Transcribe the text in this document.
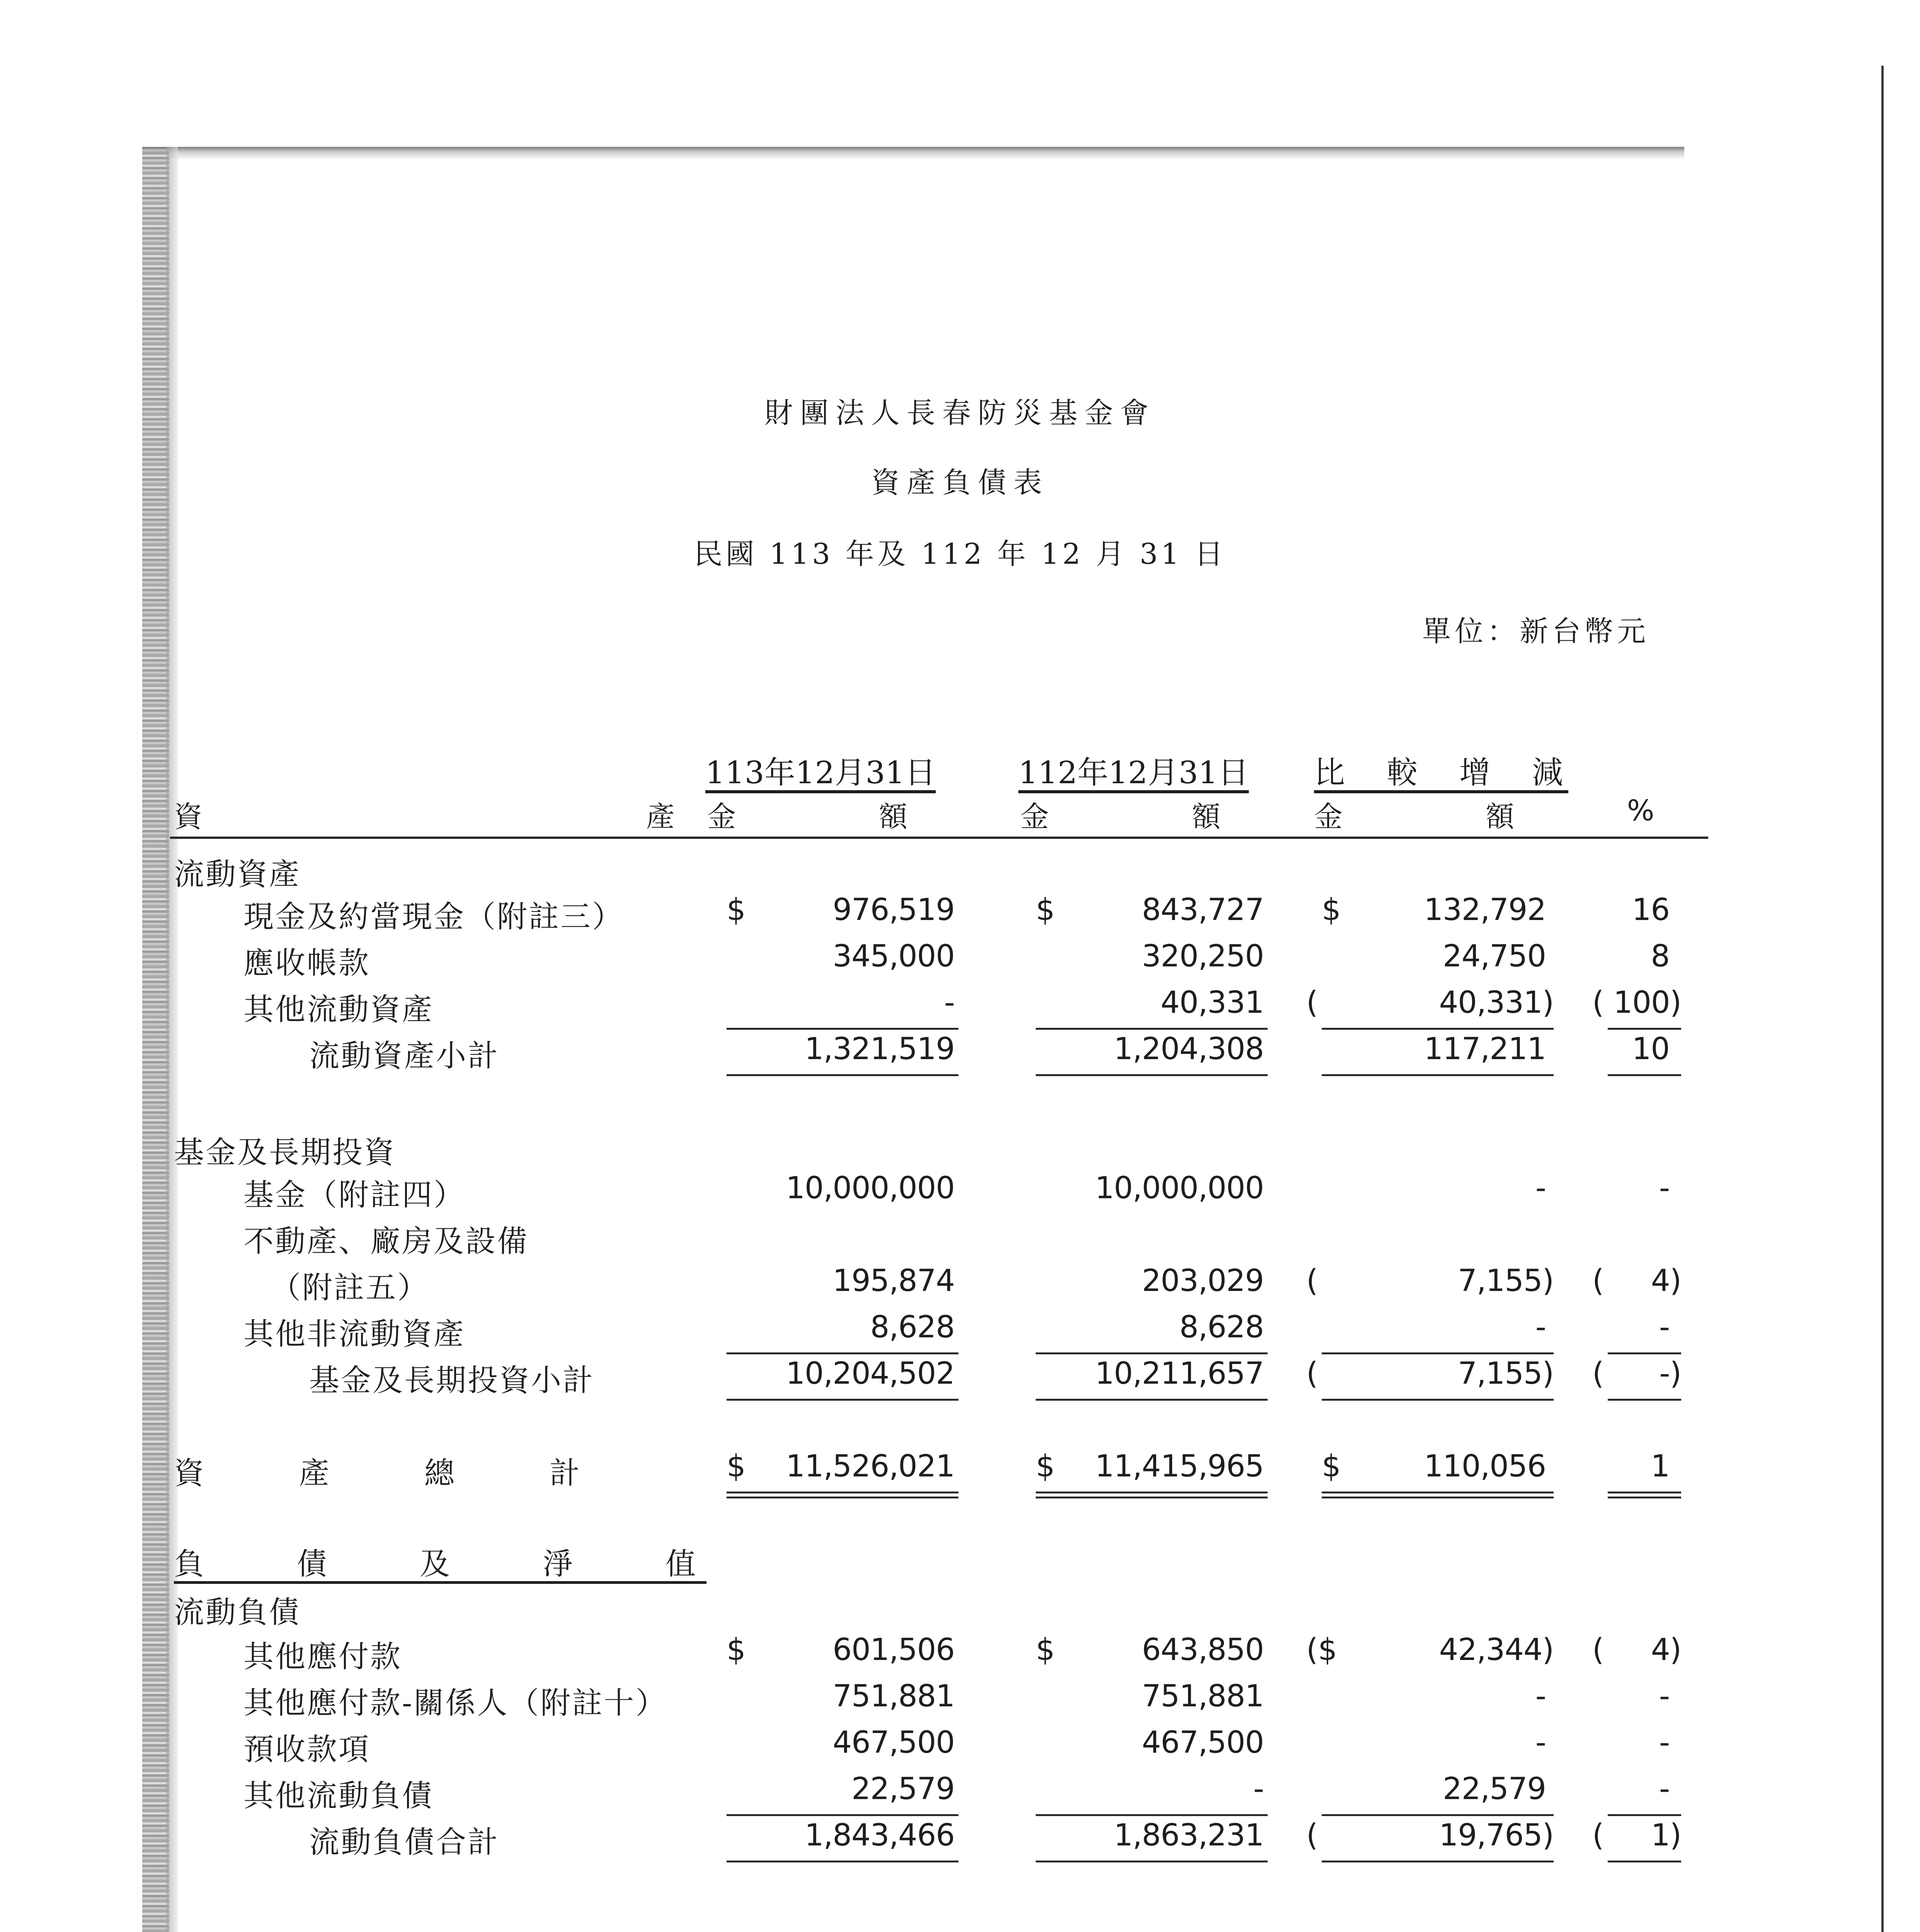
財團法人長春防災基金會
資產負債表
民國 113 年及 112 年 12 月 31 日
單位：新台幣元
113年12月31日	112年12月31日 比　較　增　減
資　　　　　　　　　　　　產 金　　　　　額	金　　　　　額	金　　　　　額	%
流動資產
現金及約當現金（附註三）	$	976,519	$	843,727 $	132,792	16
應收帳款	345,000	320,250	24,750	8
其他流動資產	-	40,331 (	40,331) ( 100)
流動資產小計	1,321,519	1,204,308	117,211	10
基金及長期投資
基金（附註四）	10,000,000	10,000,000	-	-
不動產、廠房及設備
（附註五）	195,874	203,029 (	7,155) (	4)
其他非流動資產	8,628	8,628	-	-
基金及長期投資小計	10,204,502	10,211,657 (	7,155) (	-)
資　　產　　總　　計	$	11,526,021	$	11,415,965 $	110,056	1
負　　債　　及　　淨　　值
流動負債
其他應付款	$	601,506	$	643,850 ($	42,344) (	4)
其他應付款-關係人（附註十）	751,881	751,881	-	-
預收款項	467,500	467,500	-	-
其他流動負債	22,579	-	22,579	-
流動負債合計	1,843,466	1,863,231 (	19,765) (	1)
